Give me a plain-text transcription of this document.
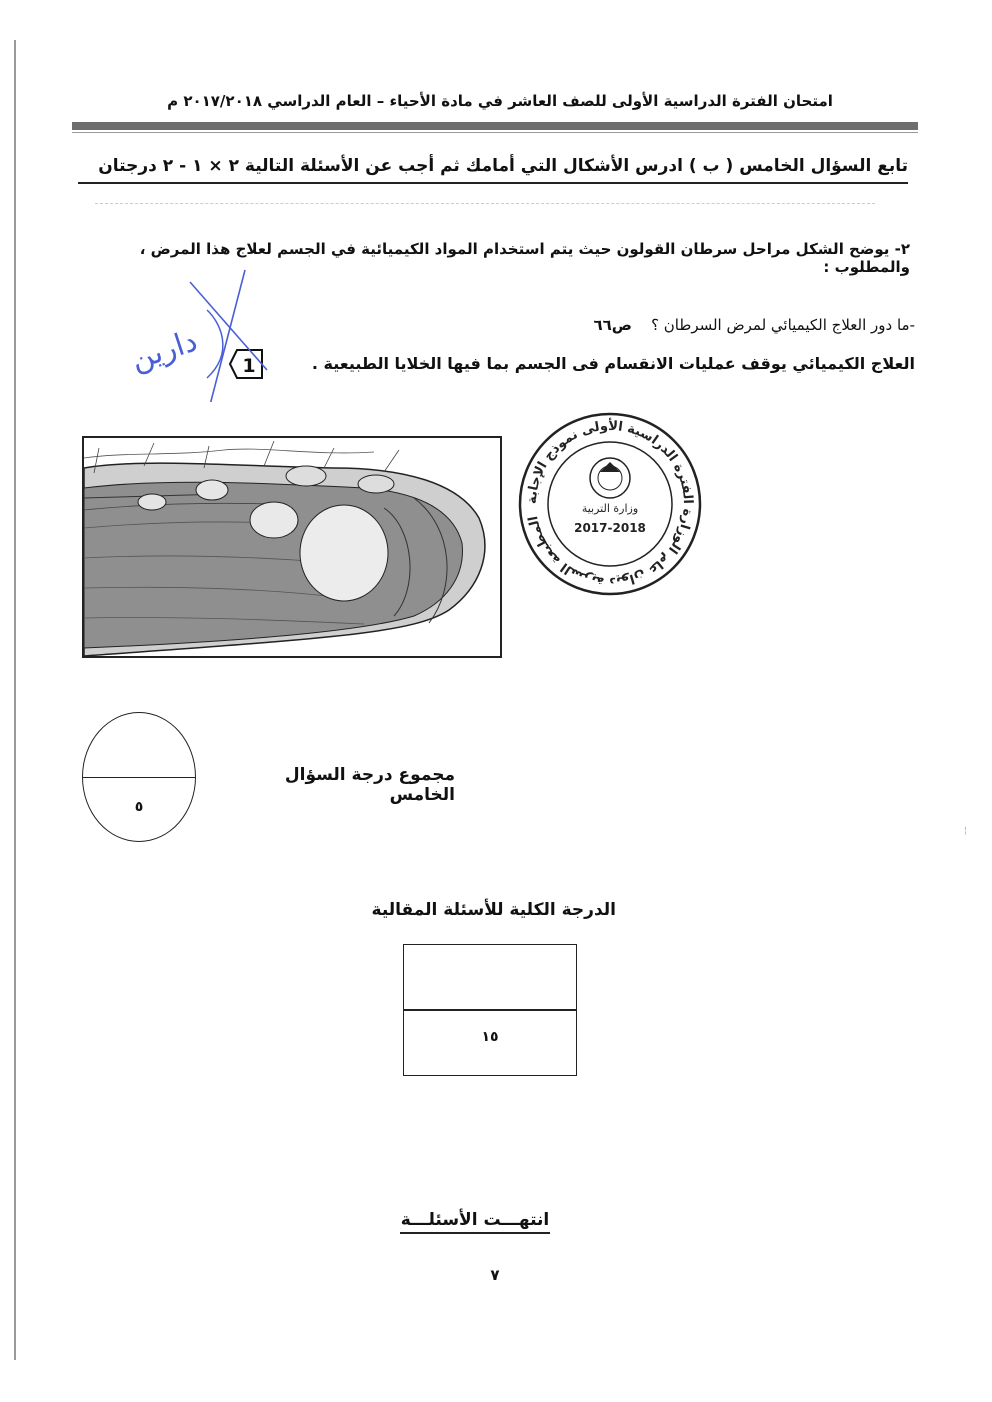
امتحان الفترة الدراسية الأولى للصف العاشر في مادة الأحياء – العام الدراسي ٢٠١٧/٢٠١٨ م
تابع السؤال الخامس ( ب ) ادرس الأشكال التي أمامك ثم أجب عن الأسئلة التالية ٢ × ١ - ٢ درجتان
٢- يوضح الشكل مراحل سرطان القولون حيث يتم استخدام المواد الكيميائية في الجسم لعلاج هذا المرض ، والمطلوب :
-ما دور العلاج الكيميائي لمرض السرطان ؟    ص٦٦
العلاج الكيميائي يوقف عمليات الانقسام فى الجسم بما فيها الخلايا الطبيعية .
1
دارين
المطبعة السرية ديوان عام الوزارة الفترة الدراسية الأولى نموذج الإجابة
وزارة التربية
2017-2018
٥
مجموع درجة السؤال الخامس
الدرجة الكلية للأسئلة المقالية
١٥
انتهـــت الأسئلـــة
٧
¦
